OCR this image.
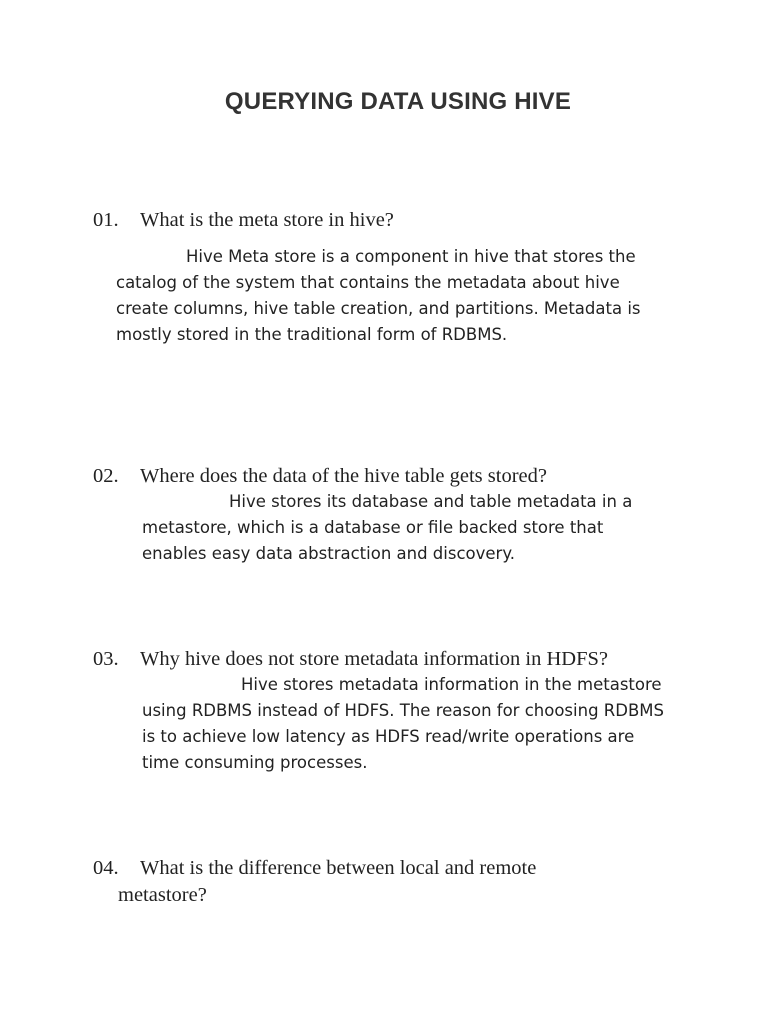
QUERYING DATA USING HIVE

01. What is the meta store in hive?

Hive Meta store is a component in hive that stores the
catalog of the system that contains the metadata about hive
create columns, hive table creation, and partitions. Metadata is
mostly stored in the traditional form of RDBMS.

02. Where does the data of the hive table gets stored?

Hive stores its database and table metadata in a
metastore, which is a database or file backed store that
enables easy data abstraction and discovery.

03. Why hive does not store metadata information in HDFS?

Hive stores metadata information in the metastore
using RDBMS instead of HDFS. The reason for choosing RDBMS
is to achieve low latency as HDFS read/write operations are
time consuming processes.

04. What is the difference between local and remote

metastore?
